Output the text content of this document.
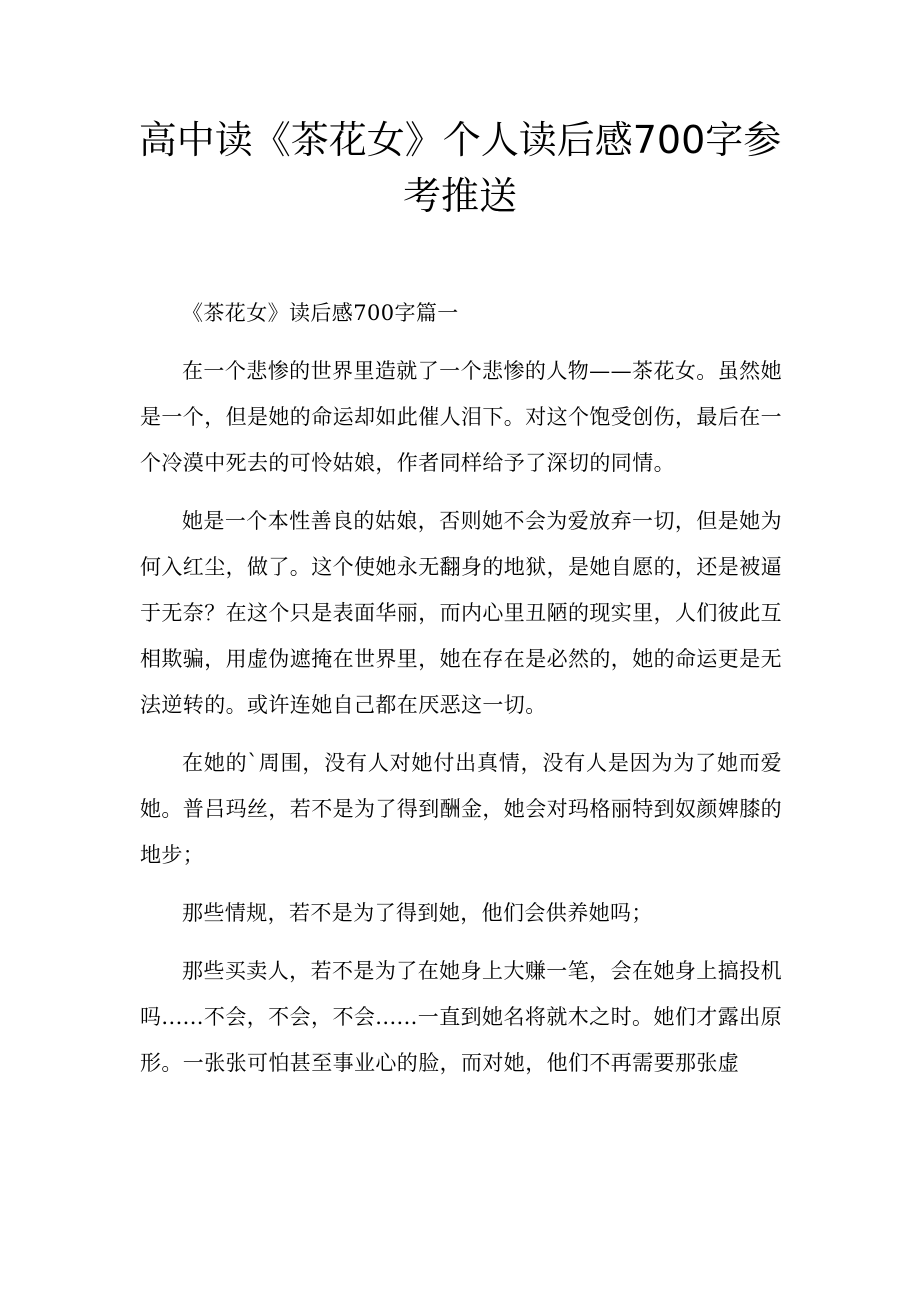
高中读《茶花女》个人读后感700字参考推送

《茶花女》读后感700字篇一

在一个悲惨的世界里造就了一个悲惨的人物——茶花女。虽然她是一个，但是她的命运却如此催人泪下。对这个饱受创伤，最后在一个冷漠中死去的可怜姑娘，作者同样给予了深切的同情。

她是一个本性善良的姑娘，否则她不会为爱放弃一切，但是她为何入红尘，做了。这个使她永无翻身的地狱，是她自愿的，还是被逼于无奈？在这个只是表面华丽，而内心里丑陋的现实里，人们彼此互相欺骗，用虚伪遮掩在世界里，她在存在是必然的，她的命运更是无法逆转的。或许连她自己都在厌恶这一切。

在她的`周围，没有人对她付出真情，没有人是因为为了她而爱她。普吕玛丝，若不是为了得到酬金，她会对玛格丽特到奴颜婢膝的地步；

那些情规，若不是为了得到她，他们会供养她吗；

那些买卖人，若不是为了在她身上大赚一笔，会在她身上搞投机吗......不会，不会，不会......一直到她名将就木之时。她们才露出原形。一张张可怕甚至事业心的脸，而对她，他们不再需要那张虚
